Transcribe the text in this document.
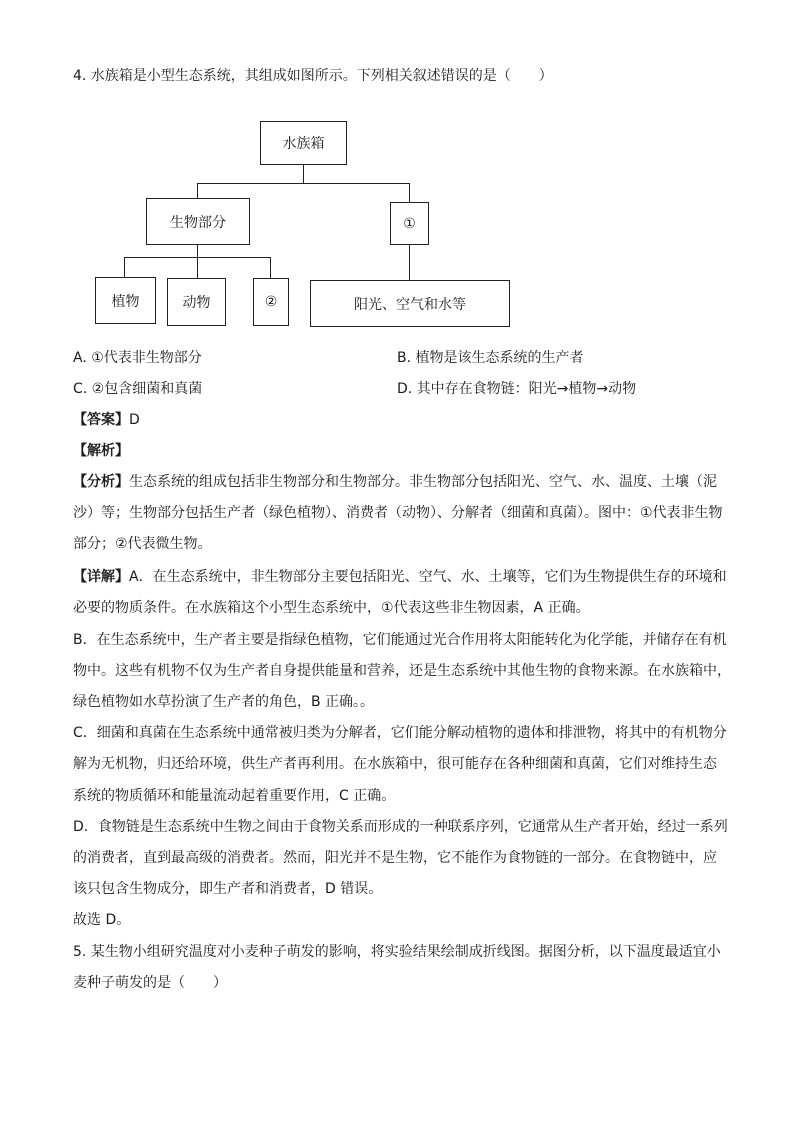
4. 水族箱是小型生态系统，其组成如图所示。下列相关叙述错误的是（　　）
水族箱
生物部分	①
植物	动物	②	阳光、空气和水等
A. ①代表非生物部分	B. 植物是该生态系统的生产者
C. ②包含细菌和真菌	D. 其中存在食物链：阳光→植物→动物
【答案】D
【解析】
【分析】生态系统的组成包括非生物部分和生物部分。非生物部分包括阳光、空气、水、温度、土壤（泥
沙）等；生物部分包括生产者（绿色植物）、消费者（动物）、分解者（细菌和真菌）。图中：①代表非生物
部分；②代表微生物。
【详解】A．在生态系统中，非生物部分主要包括阳光、空气、水、土壤等，它们为生物提供生存的环境和
必要的物质条件。在水族箱这个小型生态系统中，①代表这些非生物因素，A 正确。
B．在生态系统中，生产者主要是指绿色植物，它们能通过光合作用将太阳能转化为化学能，并储存在有机
物中。这些有机物不仅为生产者自身提供能量和营养，还是生态系统中其他生物的食物来源。在水族箱中，
绿色植物如水草扮演了生产者的角色，B 正确。。
C．细菌和真菌在生态系统中通常被归类为分解者，它们能分解动植物的遗体和排泄物，将其中的有机物分
解为无机物，归还给环境，供生产者再利用。在水族箱中，很可能存在各种细菌和真菌，它们对维持生态
系统的物质循环和能量流动起着重要作用，C 正确。
D．食物链是生态系统中生物之间由于食物关系而形成的一种联系序列，它通常从生产者开始，经过一系列
的消费者，直到最高级的消费者。然而，阳光并不是生物，它不能作为食物链的一部分。在食物链中，应
该只包含生物成分，即生产者和消费者，D 错误。
故选 D。
5. 某生物小组研究温度对小麦种子萌发的影响，将实验结果绘制成折线图。据图分析，以下温度最适宜小
麦种子萌发的是（　　）
